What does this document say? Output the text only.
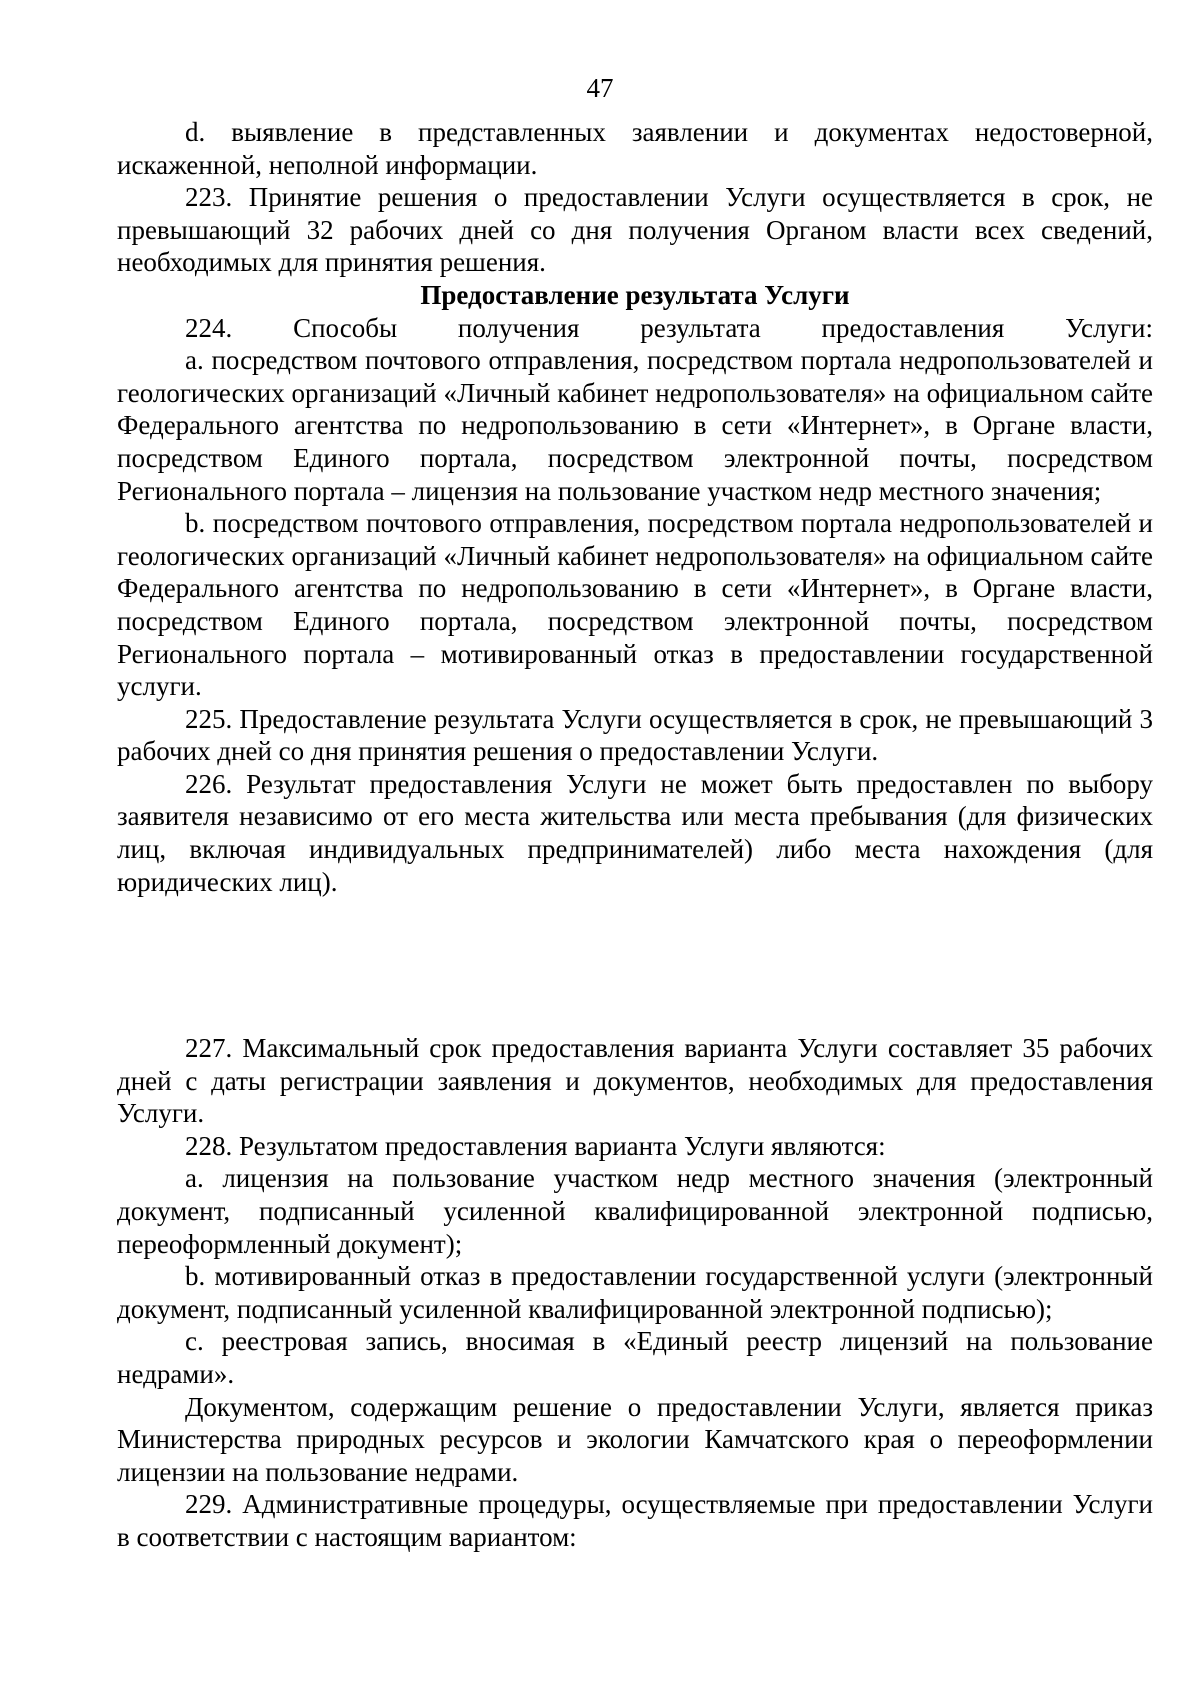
47

d. выявление в представленных заявлении и документах недостоверной, искаженной, неполной информации.

223. Принятие решения о предоставлении Услуги осуществляется в срок, не превышающий 32 рабочих дней со дня получения Органом власти всех сведений, необходимых для принятия решения.

Предоставление результата Услуги

224. Способы получения результата предоставления Услуги:

a. посредством почтового отправления, посредством портала недропользователей и геологических организаций «Личный кабинет недропользователя» на официальном сайте Федерального агентства по недропользованию в сети «Интернет», в Органе власти, посредством Единого портала, посредством электронной почты, посредством Регионального портала – лицензия на пользование участком недр местного значения;

b. посредством почтового отправления, посредством портала недропользователей и геологических организаций «Личный кабинет недропользователя» на официальном сайте Федерального агентства по недропользованию в сети «Интернет», в Органе власти, посредством Единого портала, посредством электронной почты, посредством Регионального портала – мотивированный отказ в предоставлении государственной услуги.

225. Предоставление результата Услуги осуществляется в срок, не превышающий 3 рабочих дней со дня принятия решения о предоставлении Услуги.

226. Результат предоставления Услуги не может быть предоставлен по выбору заявителя независимо от его места жительства или места пребывания (для физических лиц, включая индивидуальных предпринимателей) либо места нахождения (для юридических лиц).

227. Максимальный срок предоставления варианта Услуги составляет 35 рабочих дней с даты регистрации заявления и документов, необходимых для предоставления Услуги.

228. Результатом предоставления варианта Услуги являются:

a. лицензия на пользование участком недр местного значения (электронный документ, подписанный усиленной квалифицированной электронной подписью, переоформленный документ);

b. мотивированный отказ в предоставлении государственной услуги (электронный документ, подписанный усиленной квалифицированной электронной подписью);

c. реестровая запись, вносимая в «Единый реестр лицензий на пользование недрами».

Документом, содержащим решение о предоставлении Услуги, является приказ Министерства природных ресурсов и экологии Камчатского края о переоформлении лицензии на пользование недрами.

229. Административные процедуры, осуществляемые при предоставлении Услуги в соответствии с настоящим вариантом:
